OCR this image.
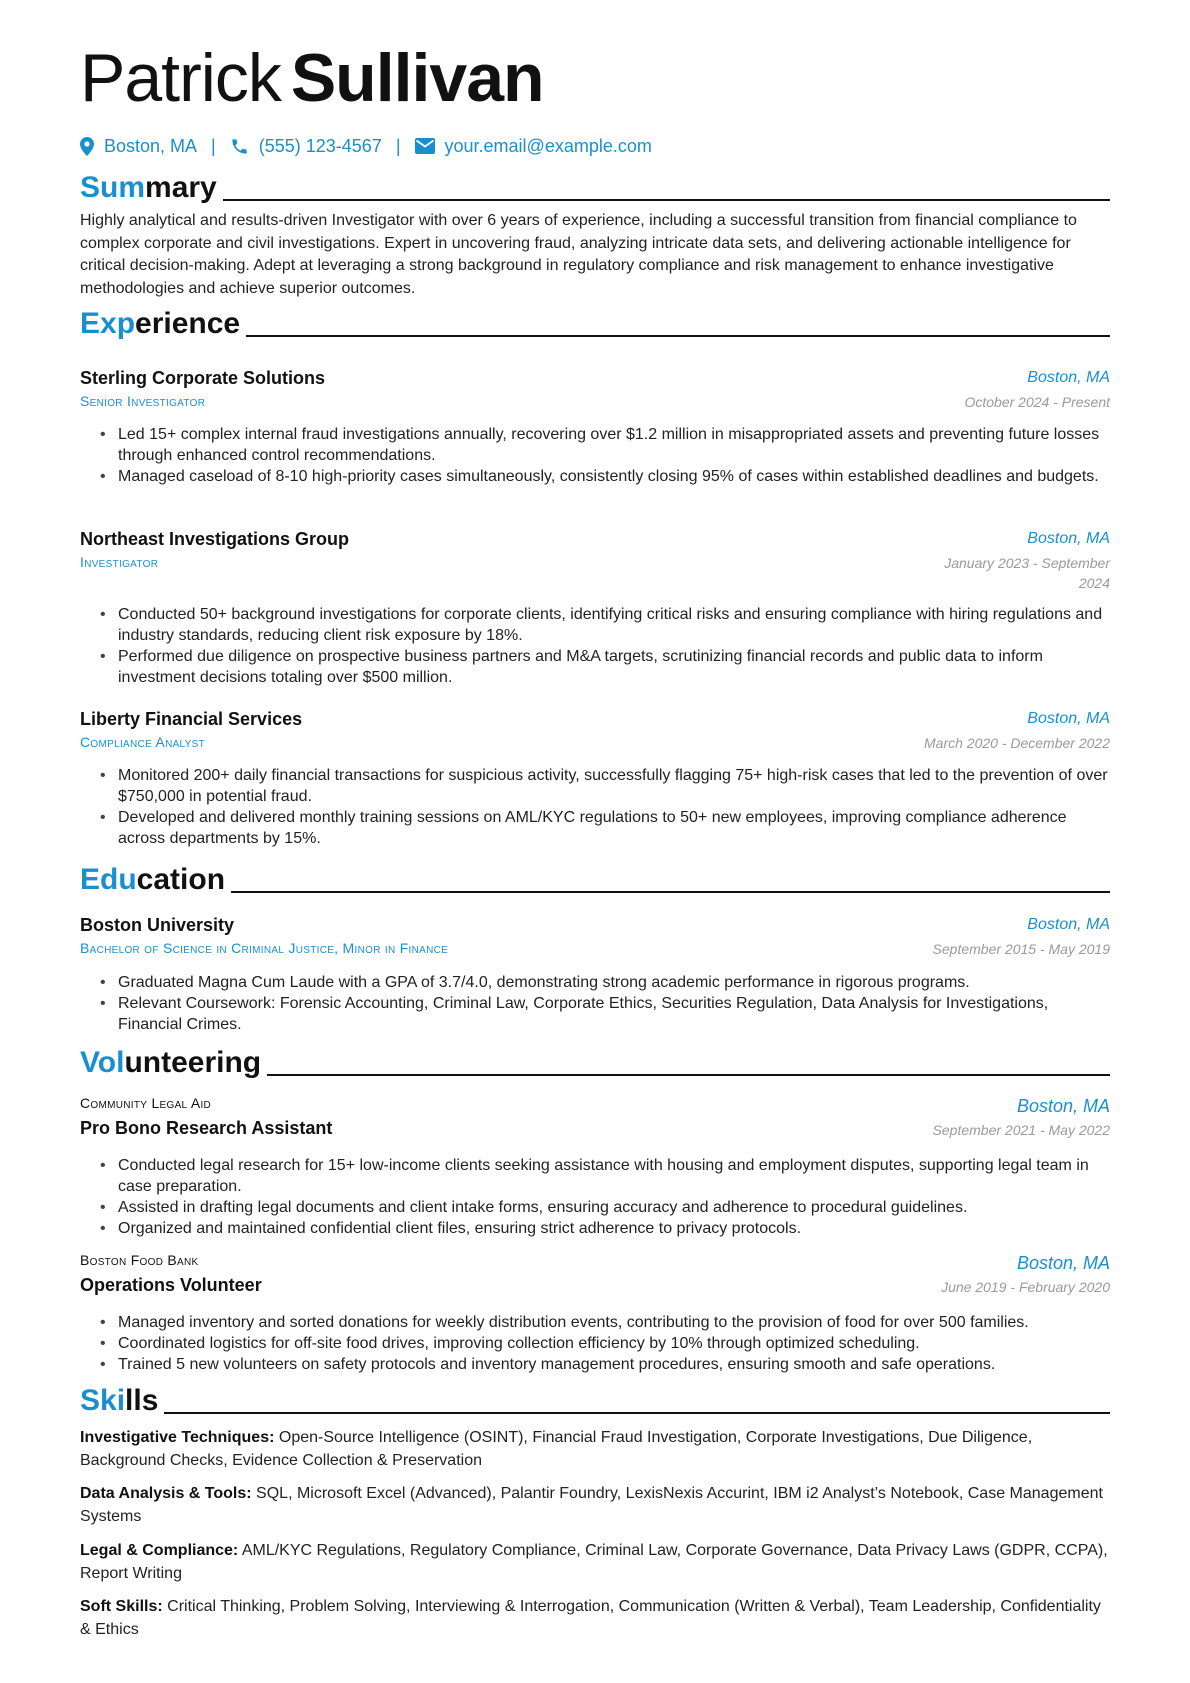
Patrick Sullivan
Boston, MA | (555) 123-4567 | your.email@example.com
Summary

Highly analytical and results-driven Investigator with over 6 years of experience, including a successful transition from financial compliance to complex corporate and civil investigations. Expert in uncovering fraud, analyzing intricate data sets, and delivering actionable intelligence for critical decision-making. Adept at leveraging a strong background in regulatory compliance and risk management to enhance investigative methodologies and achieve superior outcomes.

Experience
Sterling Corporate Solutions
Senior Investigator
Boston, MA
October 2024 - Present
• Led 15+ complex internal fraud investigations annually, recovering over $1.2 million in misappropriated assets and preventing future losses through enhanced control recommendations.
• Managed caseload of 8-10 high-priority cases simultaneously, consistently closing 95% of cases within established deadlines and budgets.
Northeast Investigations Group
Investigator
Boston, MA
January 2023 - September 2024
• Conducted 50+ background investigations for corporate clients, identifying critical risks and ensuring compliance with hiring regulations and industry standards, reducing client risk exposure by 18%.
• Performed due diligence on prospective business partners and M&A targets, scrutinizing financial records and public data to inform investment decisions totaling over $500 million.
Liberty Financial Services
Compliance Analyst
Boston, MA
March 2020 - December 2022
• Monitored 200+ daily financial transactions for suspicious activity, successfully flagging 75+ high-risk cases that led to the prevention of over $750,000 in potential fraud.
• Developed and delivered monthly training sessions on AML/KYC regulations to 50+ new employees, improving compliance adherence across departments by 15%.
Education
Boston University
Bachelor of Science in Criminal Justice, Minor in Finance
Boston, MA
September 2015 - May 2019
• Graduated Magna Cum Laude with a GPA of 3.7/4.0, demonstrating strong academic performance in rigorous programs.
• Relevant Coursework: Forensic Accounting, Criminal Law, Corporate Ethics, Securities Regulation, Data Analysis for Investigations, Financial Crimes.
Volunteering
Community Legal Aid
Pro Bono Research Assistant
Boston, MA
September 2021 - May 2022
• Conducted legal research for 15+ low-income clients seeking assistance with housing and employment disputes, supporting legal team in case preparation.
• Assisted in drafting legal documents and client intake forms, ensuring accuracy and adherence to procedural guidelines.
• Organized and maintained confidential client files, ensuring strict adherence to privacy protocols.
Boston Food Bank
Operations Volunteer
Boston, MA
June 2019 - February 2020
• Managed inventory and sorted donations for weekly distribution events, contributing to the provision of food for over 500 families.
• Coordinated logistics for off-site food drives, improving collection efficiency by 10% through optimized scheduling.
• Trained 5 new volunteers on safety protocols and inventory management procedures, ensuring smooth and safe operations.
Skills

Investigative Techniques: Open-Source Intelligence (OSINT), Financial Fraud Investigation, Corporate Investigations, Due Diligence, Background Checks, Evidence Collection & Preservation

Data Analysis & Tools: SQL, Microsoft Excel (Advanced), Palantir Foundry, LexisNexis Accurint, IBM i2 Analyst’s Notebook, Case Management Systems

Legal & Compliance: AML/KYC Regulations, Regulatory Compliance, Criminal Law, Corporate Governance, Data Privacy Laws (GDPR, CCPA), Report Writing

Soft Skills: Critical Thinking, Problem Solving, Interviewing & Interrogation, Communication (Written & Verbal), Team Leadership, Confidentiality & Ethics
